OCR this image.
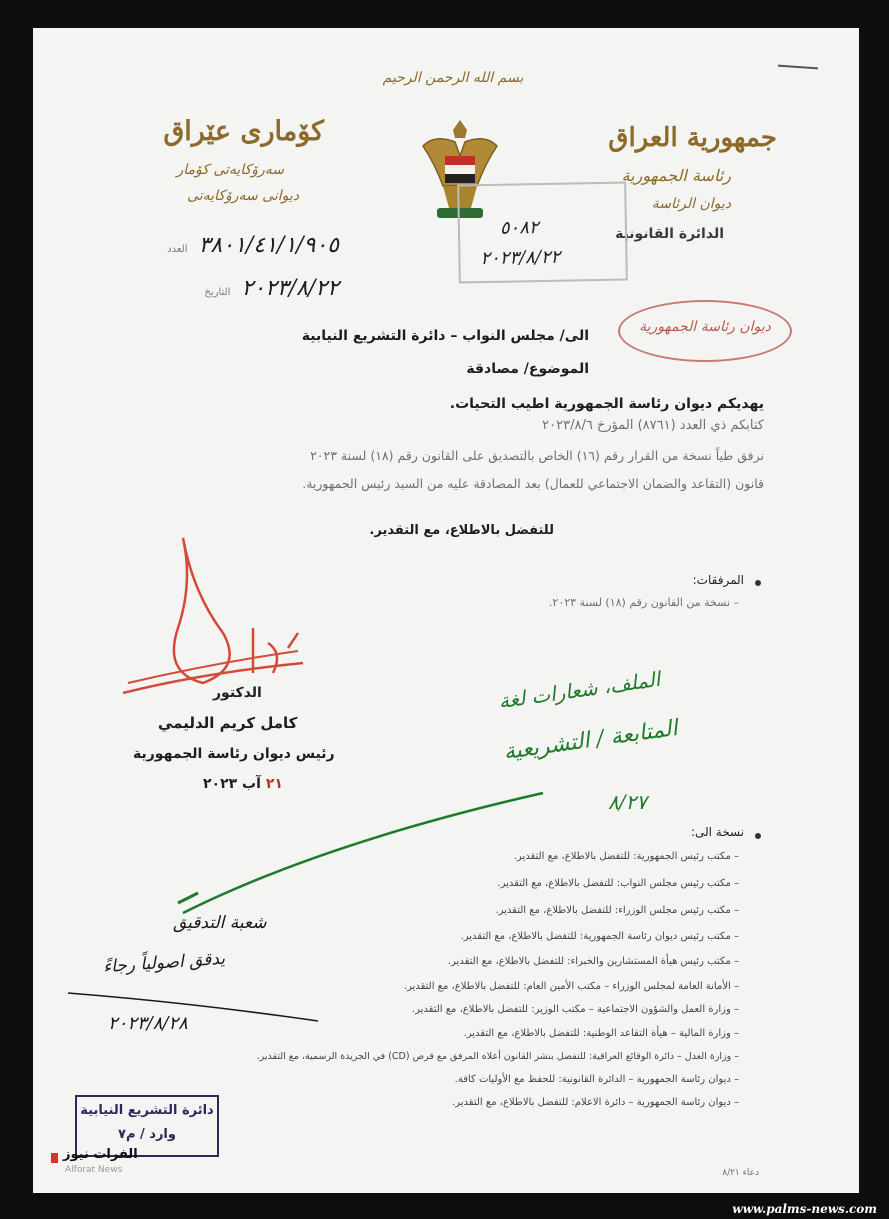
بسم الله الرحمن الرحيم
جمهورية العراق
رئاسة الجمهورية
ديوان الرئاسة
الدائرة القانونية
كۆماری عێراق
سەرۆكایەتی كۆمار
دیوانی سەرۆكایەتی
٣٨٠١/٤١/١/٩٠٥ العدد
٢٠٢٣/٨/٢٢ التاريخ
٥٠٨٢
٢٠٢٣/٨/٢٢
ديوان رئاسة الجمهورية
الى/ مجلس النواب – دائرة التشريع النيابية
الموضوع/ مصادقة
يهديكم ديوان رئاسة الجمهورية اطيب التحيات.
كتابكم ذي العدد (٨٧٦١) المؤرخ ٢٠٢٣/٨/٦
نرفق طياً نسخة من القرار رقم (١٦) الخاص بالتصديق على القانون رقم (١٨) لسنة ٢٠٢٣
قانون (التقاعد والضمان الاجتماعي للعمال) بعد المصادقة عليه من السيد رئيس الجمهورية.
للتفضل بالاطلاع، مع التقدير.
المرفقات:
– نسخة من القانون رقم (١٨) لسنة ٢٠٢٣.
الدكتور
كامل كريم الدليمي
رئيس ديوان رئاسة الجمهورية
٢١ آب ٢٠٢٣
الملف، شعارات لغة
المتابعة / التشريعية
٨/٢٧
نسخة الى:
– مكتب رئيس الجمهورية: للتفضل بالاطلاع، مع التقدير.
– مكتب رئيس مجلس النواب: للتفضل بالاطلاع، مع التقدير.
– مكتب رئيس مجلس الوزراء: للتفضل بالاطلاع، مع التقدير.
– مكتب رئيس ديوان رئاسة الجمهورية: للتفضل بالاطلاع، مع التقدير.
– مكتب رئيس هيأة المستشارين والخبراء: للتفضل بالاطلاع، مع التقدير.
– الأمانة العامة لمجلس الوزراء – مكتب الأمين العام: للتفضل بالاطلاع، مع التقدير.
– وزارة العمل والشؤون الاجتماعية – مكتب الوزير: للتفضل بالاطلاع، مع التقدير.
– وزارة المالية – هيأة التقاعد الوطنية: للتفضل بالاطلاع، مع التقدير.
– وزارة العدل – دائرة الوقائع العراقية: للتفضل بنشر القانون أعلاه المرفق مع قرص (CD) في الجريدة الرسمية، مع التقدير.
– ديوان رئاسة الجمهورية – الدائرة القانونية: للحفظ مع الأوليات كافة.
– ديوان رئاسة الجمهورية – دائرة الاعلام: للتفضل بالاطلاع، مع التقدير.
شعبة التدقيق
يدقق اصولياً رجاءً
٢٠٢٣/٨/٢٨
دائرة التشريع النيابية
وارد / م٧
الفرات نيوز
Alforat News	دعاء ٨/٢١
www.palms-news.com
